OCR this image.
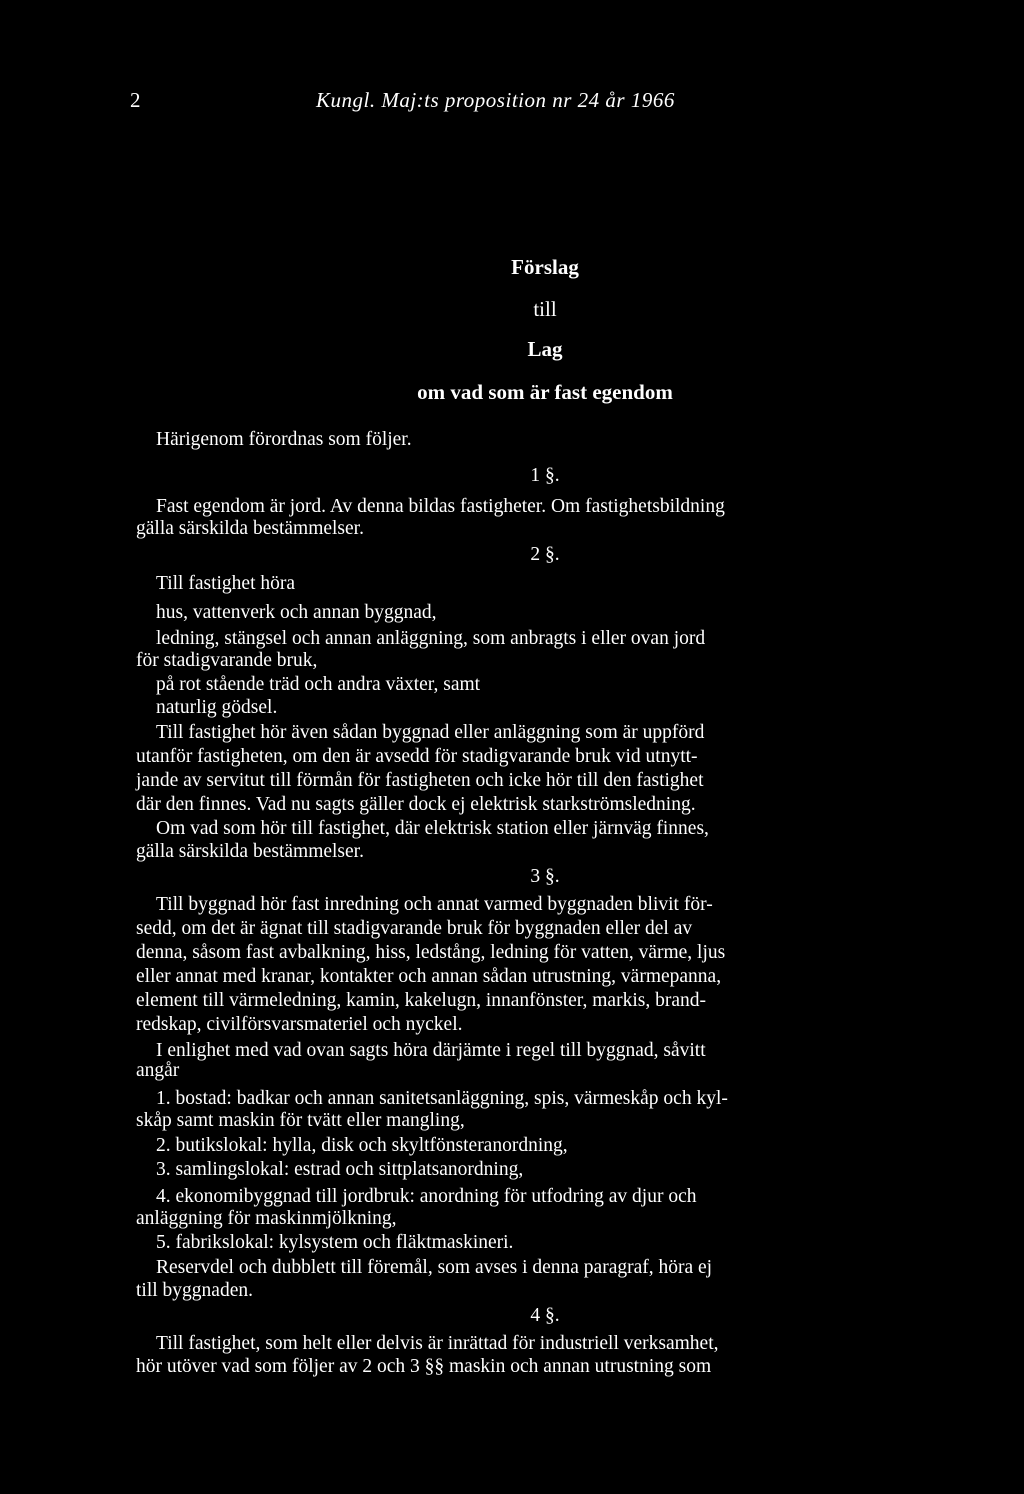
2	Kungl. Maj:ts proposition nr 24 år 1966
Förslag
till
Lag
om vad som är fast egendom
Härigenom förordnas som följer.
1 §.
Fast egendom är jord. Av denna bildas fastigheter. Om fastighetsbildning
gälla särskilda bestämmelser.
2 §.
Till fastighet höra
hus, vattenverk och annan byggnad,
ledning, stängsel och annan anläggning, som anbragts i eller ovan jord
för stadigvarande bruk,
på rot stående träd och andra växter, samt
naturlig gödsel.
Till fastighet hör även sådan byggnad eller anläggning som är uppförd
utanför fastigheten, om den är avsedd för stadigvarande bruk vid utnytt-
jande av servitut till förmån för fastigheten och icke hör till den fastighet
där den finnes. Vad nu sagts gäller dock ej elektrisk starkströmsledning.
Om vad som hör till fastighet, där elektrisk station eller järnväg finnes,
gälla särskilda bestämmelser.
3 §.
Till byggnad hör fast inredning och annat varmed byggnaden blivit för-
sedd, om det är ägnat till stadigvarande bruk för byggnaden eller del av
denna, såsom fast avbalkning, hiss, ledstång, ledning för vatten, värme, ljus
eller annat med kranar, kontakter och annan sådan utrustning, värmepanna,
element till värmeledning, kamin, kakelugn, innanfönster, markis, brand-
redskap, civilförsvarsmateriel och nyckel.
I enlighet med vad ovan sagts höra därjämte i regel till byggnad, såvitt
angår
1. bostad: badkar och annan sanitetsanläggning, spis, värmeskåp och kyl-
skåp samt maskin för tvätt eller mangling,
2. butikslokal: hylla, disk och skyltfönsteranordning,
3. samlingslokal: estrad och sittplatsanordning,
4. ekonomibyggnad till jordbruk: anordning för utfodring av djur och
anläggning för maskinmjölkning,
5. fabrikslokal: kylsystem och fläktmaskineri.
Reservdel och dubblett till föremål, som avses i denna paragraf, höra ej
till byggnaden.
4 §.
Till fastighet, som helt eller delvis är inrättad för industriell verksamhet,
hör utöver vad som följer av 2 och 3 §§ maskin och annan utrustning som
